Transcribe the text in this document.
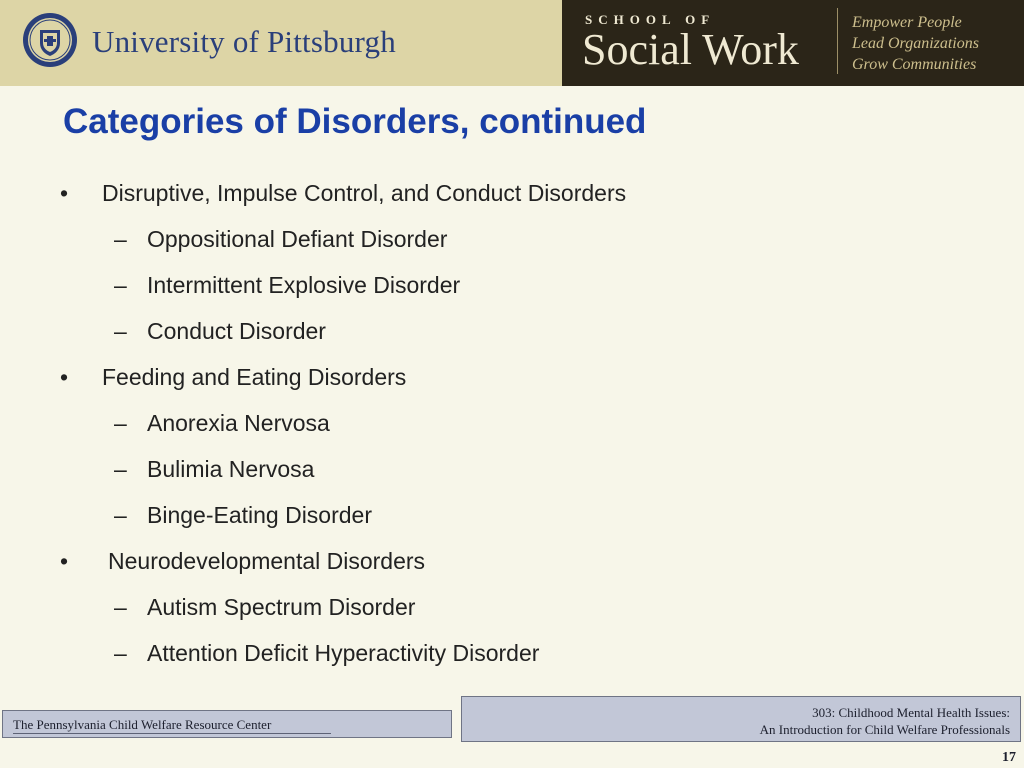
University of Pittsburgh
SCHOOL OF
Social Work
Empower People
Lead Organizations
Grow Communities
Categories of Disorders, continued
• Disruptive, Impulse Control, and Conduct Disorders
– Oppositional Defiant Disorder
– Intermittent Explosive Disorder
– Conduct Disorder
• Feeding and Eating Disorders
– Anorexia Nervosa
– Bulimia Nervosa
– Binge-Eating Disorder
• Neurodevelopmental Disorders
– Autism Spectrum Disorder
– Attention Deficit Hyperactivity Disorder
The Pennsylvania Child Welfare Resource Center
303: Childhood Mental Health Issues:
An Introduction for Child Welfare Professionals
17
